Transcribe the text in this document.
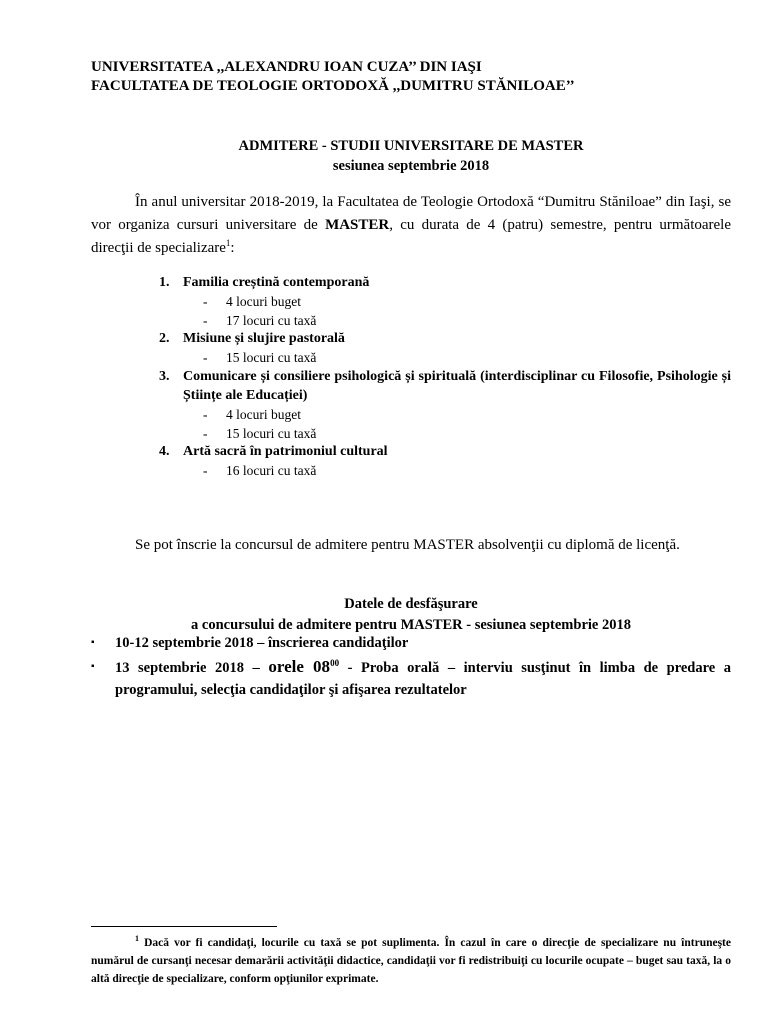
UNIVERSITATEA ,,ALEXANDRU IOAN CUZA’’ DIN IAŞI
FACULTATEA DE TEOLOGIE ORTODOXĂ ,,DUMITRU STĂNILOAE’’
ADMITERE - STUDII UNIVERSITARE DE MASTER
sesiunea septembrie 2018
În anul universitar 2018-2019, la Facultatea de Teologie Ortodoxă “Dumitru Stăniloae” din Iaşi, se vor organiza cursuri universitare de MASTER, cu durata de 4 (patru) semestre, pentru următoarele direcţii de specializare$^1$:
1. Familia creștină contemporană
- 4 locuri buget
- 17 locuri cu taxă
2. Misiune și slujire pastorală
- 15 locuri cu taxă
3. Comunicare și consiliere psihologică și spirituală (interdisciplinar cu Filosofie, Psihologie și Științe ale Educației)
- 4 locuri buget
- 15 locuri cu taxă
4. Artă sacră în patrimoniul cultural
- 16 locuri cu taxă
Se pot înscrie la concursul de admitere pentru MASTER absolvenţii cu diplomă de licenţă.
Datele de desfăşurare
a concursului de admitere pentru MASTER - sesiunea septembrie 2018
▪ 10-12 septembrie 2018 – înscrierea candidaţilor
▪ 13 septembrie 2018 – orele $08^{00}$ - Proba orală – interviu susţinut în limba de predare a programului, selecţia candidaţilor şi afişarea rezultatelor
$^1$ Dacă vor fi candidaţi, locurile cu taxă se pot suplimenta. În cazul în care o direcţie de specializare nu întruneşte numărul de cursanţi necesar demarării activităţii didactice, candidaţii vor fi redistribuiţi cu locurile ocupate – buget sau taxă, la o altă direcţie de specializare, conform opţiunilor exprimate.
